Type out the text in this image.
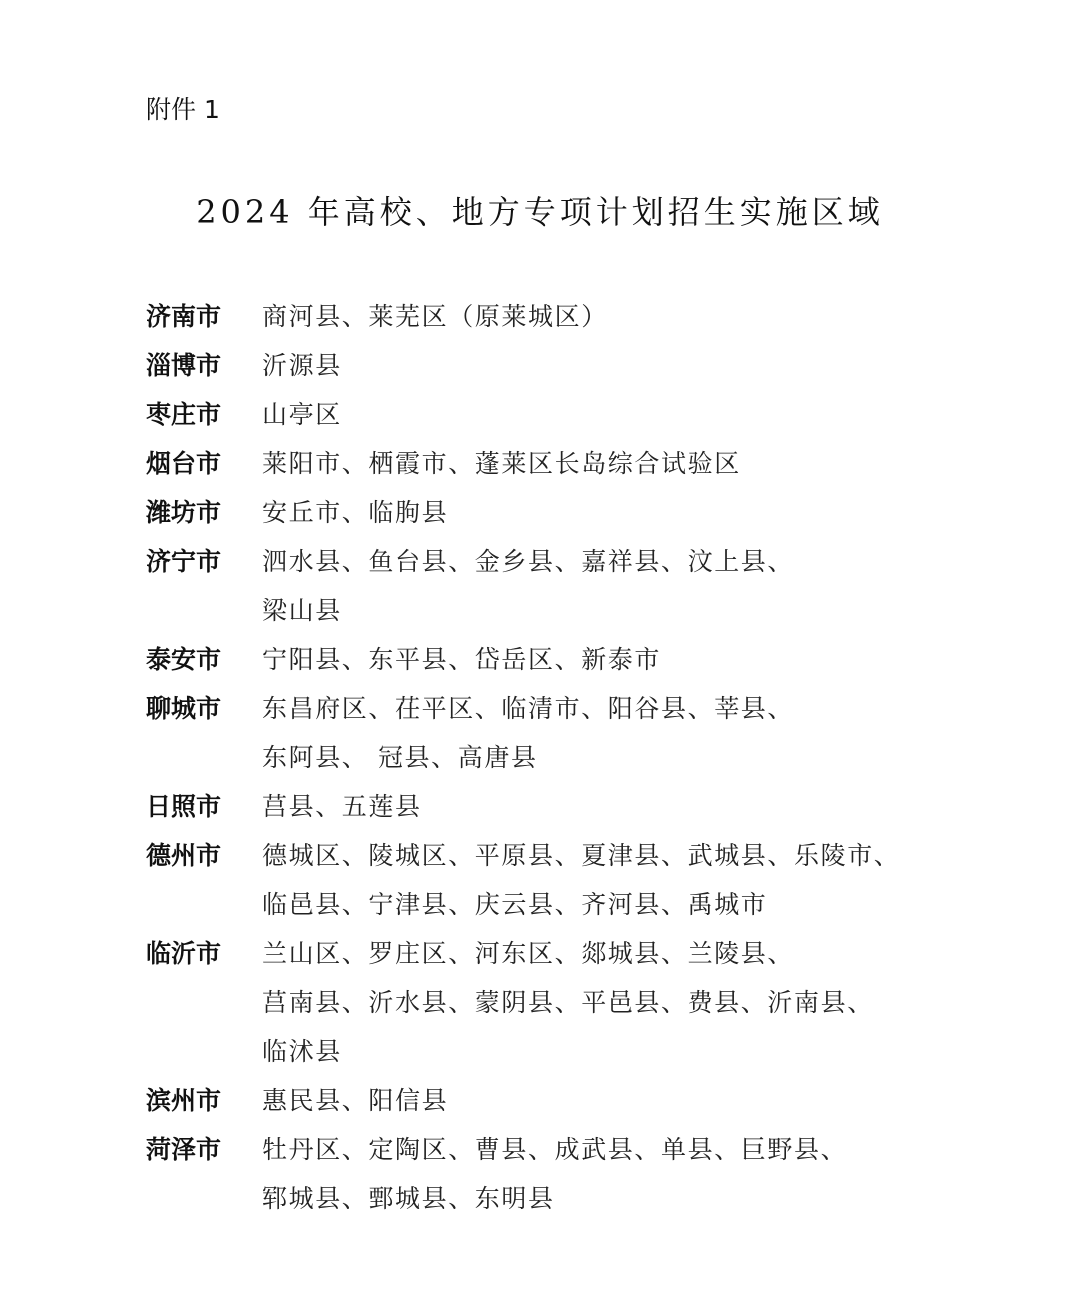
附件 1
2024 年高校、地方专项计划招生实施区域
济南市	商河县、莱芜区（原莱城区）
淄博市	沂源县
枣庄市	山亭区
烟台市	莱阳市、栖霞市、蓬莱区长岛综合试验区
潍坊市	安丘市、临朐县
济宁市	泗水县、鱼台县、金乡县、嘉祥县、汶上县、
梁山县
泰安市	宁阳县、东平县、岱岳区、新泰市
聊城市	东昌府区、茌平区、临清市、阳谷县、莘县、
东阿县、 冠县、高唐县
日照市	莒县、五莲县
德州市	德城区、陵城区、平原县、夏津县、武城县、乐陵市、
临邑县、宁津县、庆云县、齐河县、禹城市
临沂市	兰山区、罗庄区、河东区、郯城县、兰陵县、
莒南县、沂水县、蒙阴县、平邑县、费县、沂南县、
临沭县
滨州市	惠民县、阳信县
菏泽市	牡丹区、定陶区、曹县、成武县、单县、巨野县、
郓城县、鄄城县、东明县
